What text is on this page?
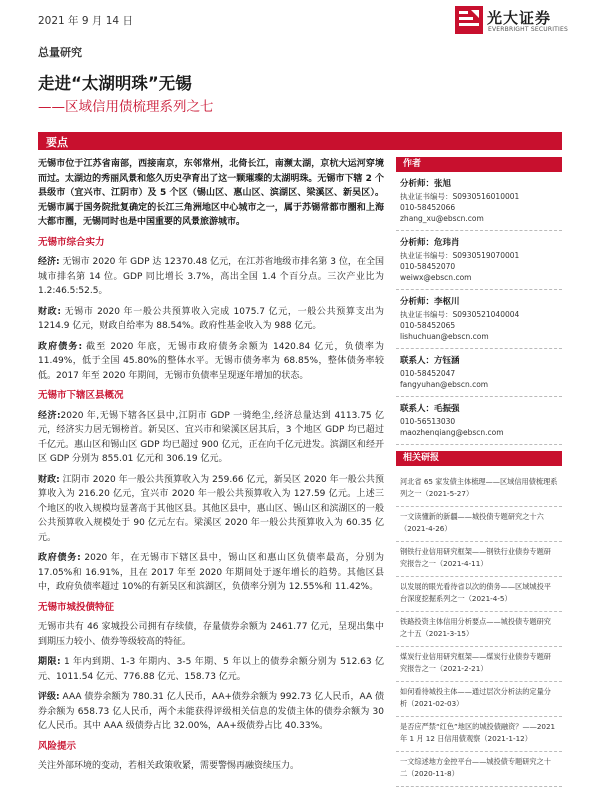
2021 年 9 月 14 日	光大证券
EVERBRIGHT SECURITIES
总量研究
走进“太湖明珠”无锡
——区域信用债梳理系列之七
要点

无锡市位于江苏省南部，西接南京，东邻常州，北倚长江，南濒太湖，京杭大运河穿境而过。太湖边的秀丽风景和悠久历史孕育出了这一颗璀璨的太湖明珠。无锡市下辖 2 个县级市（宜兴市、江阴市）及 5 个区（锡山区、惠山区、滨湖区、梁溪区、新吴区）。无锡市属于国务院批复确定的长江三角洲地区中心城市之一，属于苏锡常都市圈和上海大都市圈，无锡同时也是中国重要的风景旅游城市。

无锡市综合实力

经济: 无锡市 2020 年 GDP 达 12370.48 亿元，在江苏省地级市排名第 3 位，在全国城市排名第 14 位。GDP 同比增长 3.7%，高出全国 1.4 个百分点。三次产业比为 1.2:46.5:52.5。

财政: 无锡市 2020 年一般公共预算收入完成 1075.7 亿元，一般公共预算支出为 1214.9 亿元，财政自给率为 88.54%。政府性基金收入为 988 亿元。

政府债务: 截至 2020 年底，无锡市政府债务余额为 1420.84 亿元，负债率为 11.49%，低于全国 45.80%的整体水平。无锡市债务率为 68.85%，整体债务率较低。2017 年至 2020 年期间，无锡市负债率呈现逐年增加的状态。

无锡市下辖区县概况

经济:2020 年,无锡下辖各区县中,江阴市 GDP 一骑绝尘,经济总量达到 4113.75 亿元，经济实力居无锡榜首。新吴区、宜兴市和梁溪区居其后，3 个地区 GDP 均已超过千亿元。惠山区和锡山区 GDP 均已超过 900 亿元，正在向千亿元进发。滨湖区和经开区 GDP 分别为 855.01 亿元和 306.19 亿元。

财政: 江阴市 2020 年一般公共预算收入为 259.66 亿元，新吴区 2020 年一般公共预算收入为 216.20 亿元，宜兴市 2020 年一般公共预算收入为 127.59 亿元。上述三个地区的收入规模均显著高于其他区县。其他区县中，惠山区、锡山区和滨湖区的一般公共预算收入规模处于 90 亿元左右。梁溪区 2020 年一般公共预算收入为 60.35 亿元。

政府债务: 2020 年，在无锡市下辖区县中，锡山区和惠山区负债率最高，分别为 17.05%和 16.91%，且在 2017 年至 2020 年期间处于逐年增长的趋势。其他区县中，政府负债率超过 10%的有新吴区和滨湖区，负债率分别为 12.55%和 11.42%。

无锡市城投债特征

无锡市共有 46 家城投公司拥有存续债，存量债券余额为 2461.77 亿元，呈现出集中到期压力较小、债券等级较高的特征。

期限: 1 年内到期、1-3 年期内、3-5 年期、5 年以上的债券余额分别为 512.63 亿元、1011.54 亿元、776.88 亿元、158.73 亿元。

评级: AAA 债券余额为 780.31 亿人民币，AA+债券余额为 992.73 亿人民币，AA 债券余额为 658.73 亿人民币，两个未能获得评级相关信息的发债主体的债券余额为 30 亿人民币。其中 AAA 级债券占比 32.00%，AA+级债券占比 40.33%。

风险提示

关注外部环境的变动，若相关政策收紧，需要警惕再融资续压力。

作者
分析师：张旭
执业证书编号：S0930516010001
010-58452066
zhang_xu@ebscn.com
分析师：危玮肖
执业证书编号：S0930519070001
010-58452070
weiwx@ebscn.com
分析师：李枢川
执业证书编号：S0930521040004
010-58452065
lishuchuan@ebscn.com
联系人：方钰涵
010-58452047
fangyuhan@ebscn.com
联系人：毛振强
010-56513030
maozhenqiang@ebscn.com
相关研报
河北省 65 家发债主体梳理——区域信用债梳理系列之一（2021-5-27）
一文读懂新的新疆——城投债专题研究之十六（2021-4-26）
钢铁行业信用研究框架——钢铁行业债券专题研究报告之一（2021-4-11）
以发展的眼光看待省以次的债务——区域城投平台深度挖掘系列之一（2021-4-5）
铁路投资主体信用分析要点——城投债专题研究之十五（2021-3-15）
煤炭行业信用研究框架——煤炭行业债券专题研究报告之一（2021-2-21）
如何看待城投主体——通过层次分析法的定量分析（2021-02-03）
是否应严禁“红色”地区的城投债融资？——2021 年 1 月 12 日信用债观察（2021-1-12）
一文综述地方金控平台——城投债专题研究之十二（2020-11-8）
